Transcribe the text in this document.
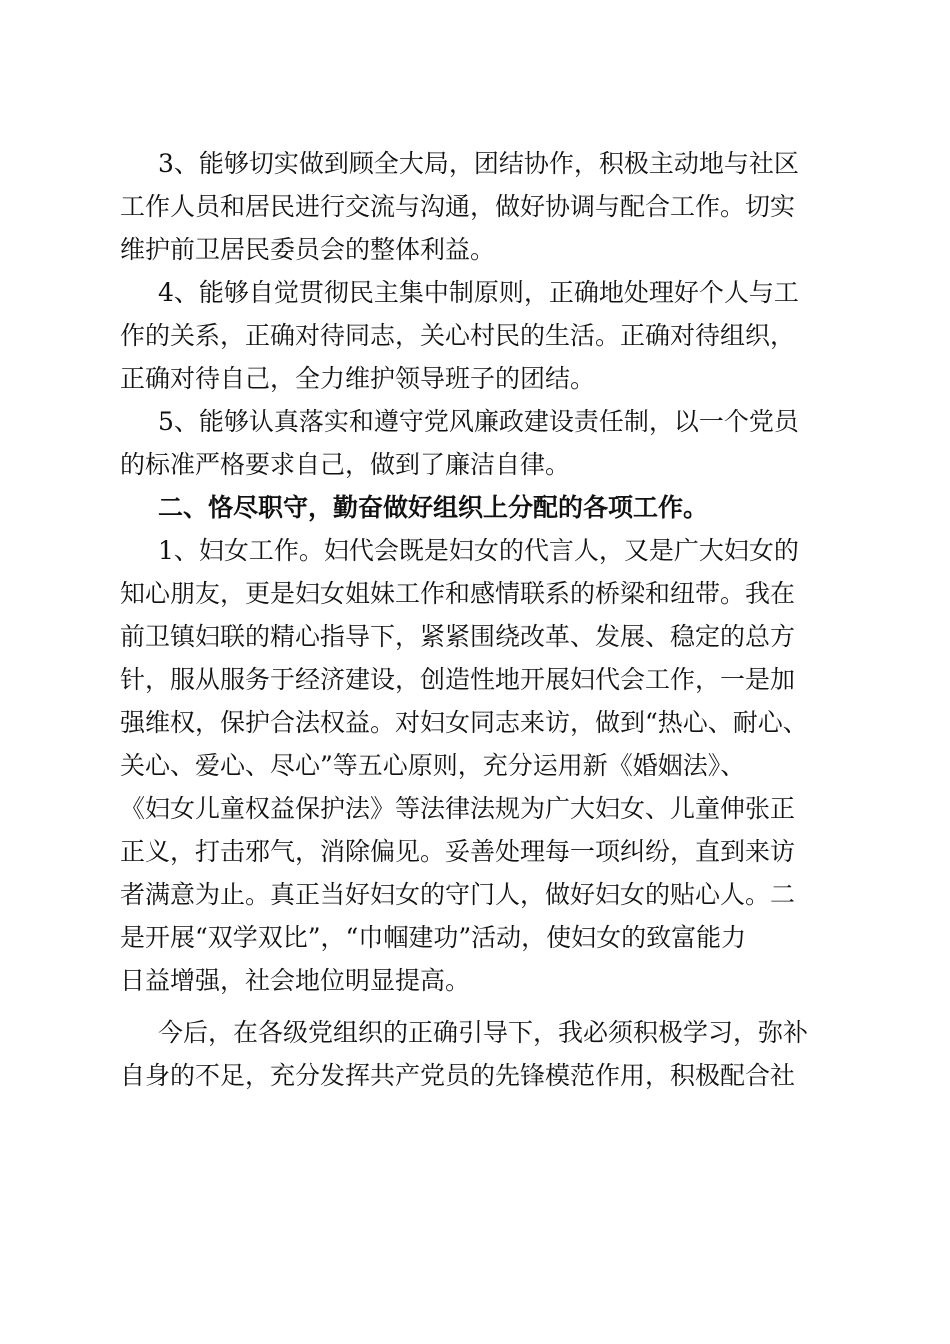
3、能够切实做到顾全大局，团结协作，积极主动地与社区
工作人员和居民进行交流与沟通，做好协调与配合工作。切实
维护前卫居民委员会的整体利益。
4、能够自觉贯彻民主集中制原则，正确地处理好个人与工
作的关系，正确对待同志，关心村民的生活。正确对待组织，
正确对待自己，全力维护领导班子的团结。
5、能够认真落实和遵守党风廉政建设责任制，以一个党员
的标准严格要求自己，做到了廉洁自律。
二、恪尽职守，勤奋做好组织上分配的各项工作。
1、妇女工作。妇代会既是妇女的代言人，又是广大妇女的
知心朋友，更是妇女姐妹工作和感情联系的桥梁和纽带。我在
前卫镇妇联的精心指导下，紧紧围绕改革、发展、稳定的总方
针，服从服务于经济建设，创造性地开展妇代会工作，一是加
强维权，保护合法权益。对妇女同志来访，做到“热心、耐心、
关心、爱心、尽心”等五心原则，充分运用新《婚姻法》、
《妇女儿童权益保护法》等法律法规为广大妇女、儿童伸张正
正义，打击邪气，消除偏见。妥善处理每一项纠纷，直到来访
者满意为止。真正当好妇女的守门人，做好妇女的贴心人。二
是开展“双学双比”，“巾帼建功”活动，使妇女的致富能力
日益增强，社会地位明显提高。
今后，在各级党组织的正确引导下，我必须积极学习，弥补
自身的不足，充分发挥共产党员的先锋模范作用，积极配合社
